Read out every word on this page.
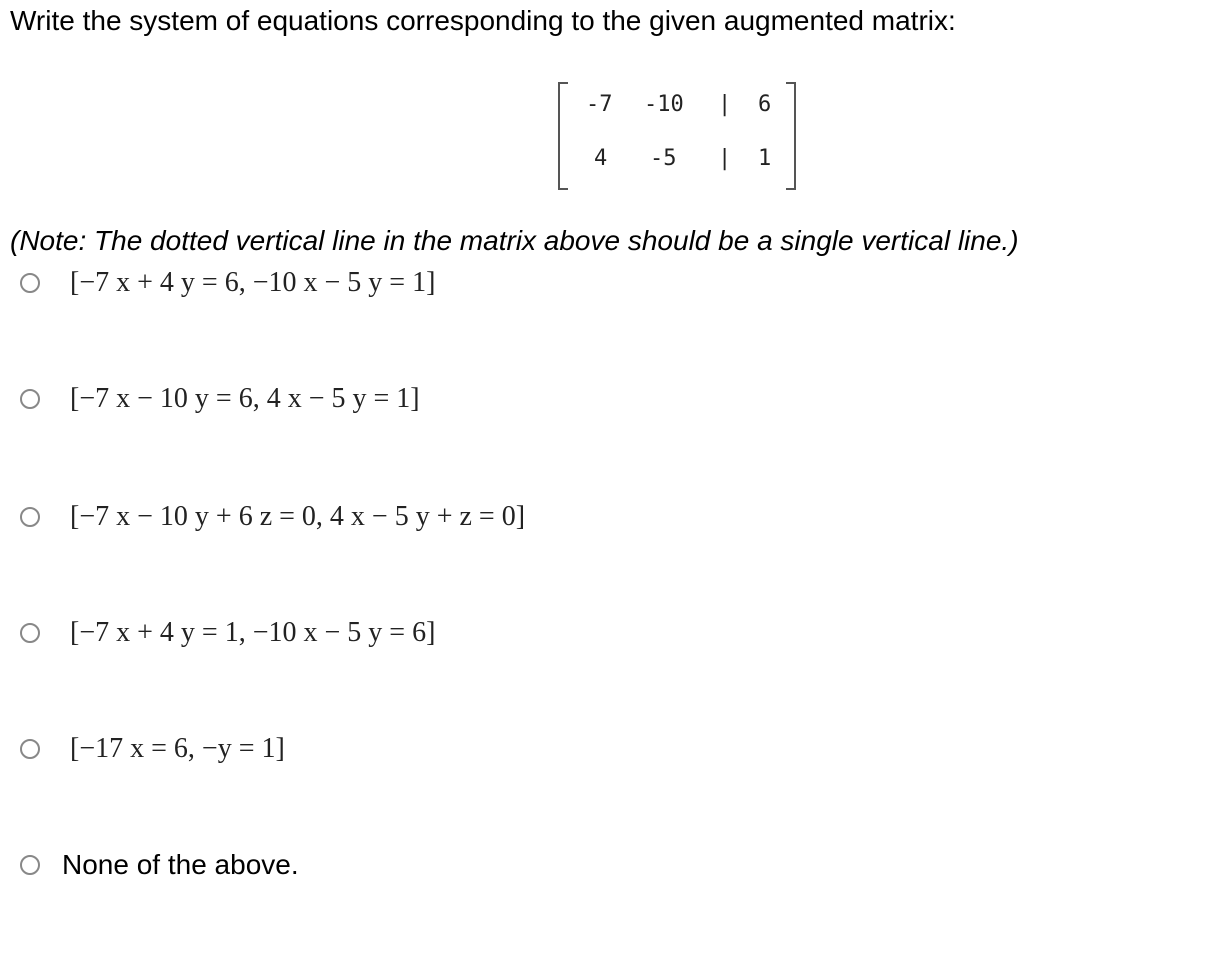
Write the system of equations corresponding to the given augmented matrix:
-7 -10 | 6
4 -5 | 1
(Note: The dotted vertical line in the matrix above should be a single vertical line.)
[−7 x + 4 y = 6, −10 x − 5 y = 1]
[−7 x − 10 y = 6, 4 x − 5 y = 1]
[−7 x − 10 y + 6 z = 0, 4 x − 5 y + z = 0]
[−7 x + 4 y = 1, −10 x − 5 y = 6]
[−17 x = 6, −y = 1]
None of the above.
